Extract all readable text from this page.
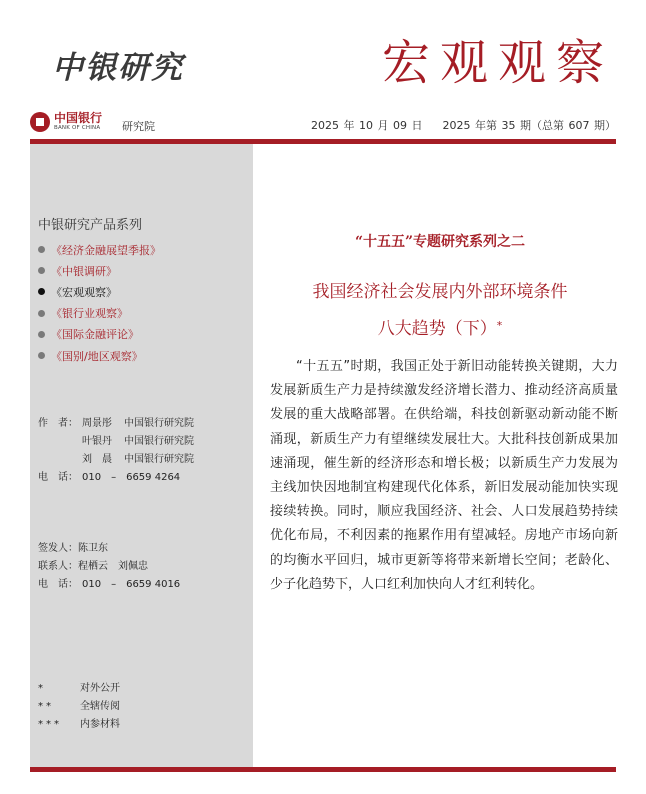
中银研究	宏观观察
中国银行
BANK OF CHINA 研究院	2025 年 10 月 09 日   2025 年第 35 期（总第 607 期）
中银研究产品系列
《经济金融展望季报》
《中银调研》
《宏观观察》
《银行业观察》
《国际金融评论》
《国别/地区观察》
作　者： 周景彤 中国银行研究院
叶银丹 中国银行研究院
刘　晨 中国银行研究院
电　话： 010　–　6659 4264
签发人：陈卫东
联系人：程栖云　刘佩忠
电　话： 010　–　6659 4016
*	对外公开
**	全辖传阅
*** 内参材料
“十五五”专题研究系列之二
我国经济社会发展内外部环境条件
八大趋势（下）*
“十五五”时期，我国正处于新旧动能转换关键期，大力发展新质生产力是持续激发经济增长潜力、推动经济高质量发展的重大战略部署。在供给端，科技创新驱动新动能不断涌现，新质生产力有望继续发展壮大。大批科技创新成果加速涌现，催生新的经济形态和增长极；以新质生产力发展为主线加快因地制宜构建现代化体系，新旧发展动能加快实现接续转换。同时，顺应我国经济、社会、人口发展趋势持续优化布局，不利因素的拖累作用有望减轻。房地产市场向新的均衡水平回归，城市更新等将带来新增长空间；老龄化、少子化趋势下，人口红利加快向人才红利转化。
